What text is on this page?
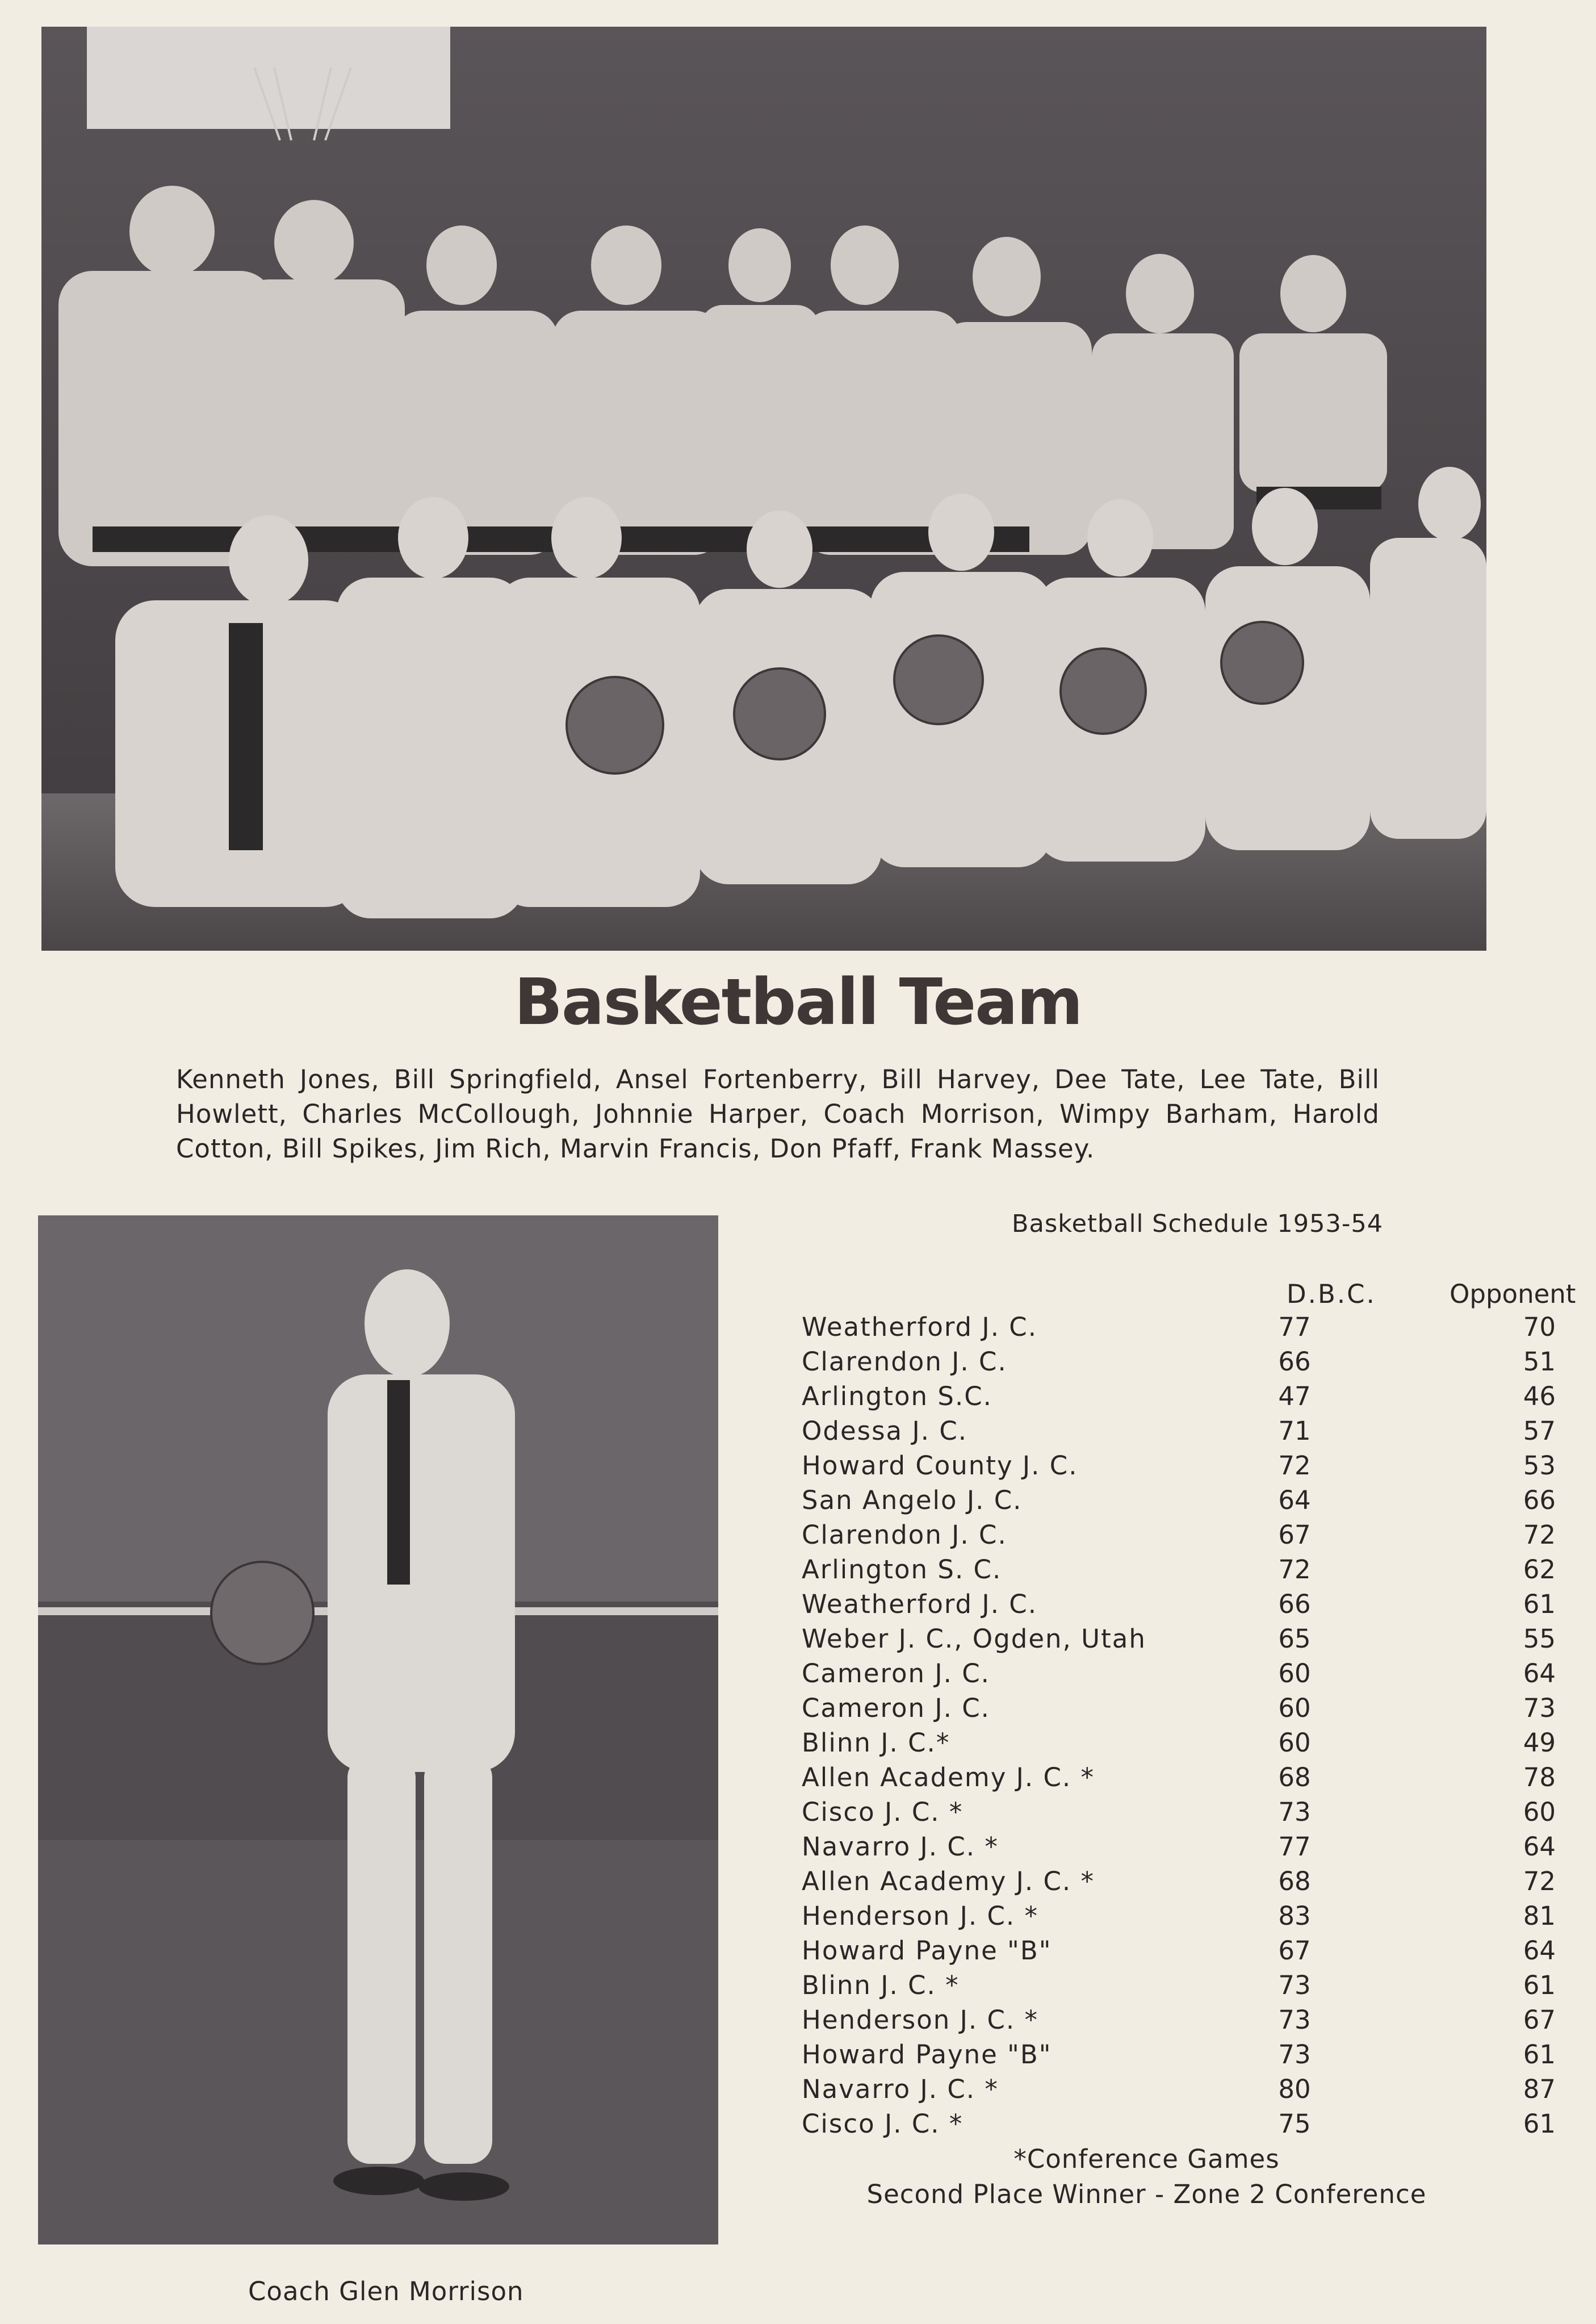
Basketball Team
Kenneth Jones, Bill Springfield, Ansel Fortenberry, Bill Harvey, Dee Tate, Lee Tate, Bill Howlett, Charles McCollough, Johnnie Harper, Coach Morrison, Wimpy Barham, Harold Cotton, Bill Spikes, Jim Rich, Marvin Francis, Don Pfaff, Frank Massey.
Coach Glen Morrison
Basketball Schedule 1953-54
D.B.C.	Opponent
Weatherford J. C.	77	70
Clarendon J. C.	66	51
Arlington S.C.	47	46
Odessa J. C.	71	57
Howard County J. C.	72	53
San Angelo J. C.	64	66
Clarendon J. C.	67	72
Arlington S. C.	72	62
Weatherford J. C.	66	61
Weber J. C., Ogden, Utah	65	55
Cameron J. C.	60	64
Cameron J. C.	60	73
Blinn J. C.*	60	49
Allen Academy J. C. *	68	78
Cisco J. C. *	73	60
Navarro J. C. *	77	64
Allen Academy J. C. *	68	72
Henderson J. C. *	83	81
Howard Payne "B"	67	64
Blinn J. C. *	73	61
Henderson J. C. *	73	67
Howard Payne "B"	73	61
Navarro J. C. *	80	87
Cisco J. C. *	75	61
*Conference Games
Second Place Winner - Zone 2 Conference
